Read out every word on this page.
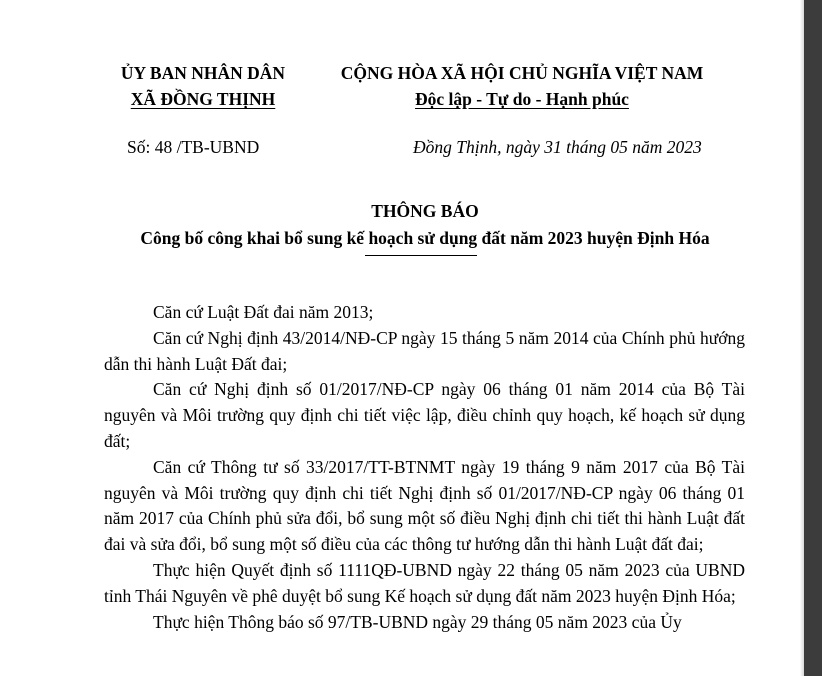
ỦY BAN NHÂN DÂN
XÃ ĐỒNG THỊNH
CỘNG HÒA XÃ HỘI CHỦ NGHĨA VIỆT NAM
Độc lập - Tự do - Hạnh phúc
Số: 48 /TB-UBND	Đồng Thịnh, ngày 31 tháng 05 năm 2023
THÔNG BÁO
Công bố công khai bổ sung kế hoạch sử dụng đất năm 2023 huyện Định Hóa

Căn cứ Luật Đất đai năm 2013;

Căn cứ Nghị định 43/2014/NĐ-CP ngày 15 tháng 5 năm 2014 của Chính phủ hướng dẫn thi hành Luật Đất đai;

Căn cứ Nghị định số 01/2017/NĐ-CP ngày 06 tháng 01 năm 2014 của Bộ Tài nguyên và Môi trường quy định chi tiết việc lập, điều chỉnh quy hoạch, kế hoạch sử dụng đất;

Căn cứ Thông tư số 33/2017/TT-BTNMT ngày 19 tháng 9 năm 2017 của Bộ Tài nguyên và Môi trường quy định chi tiết Nghị định số 01/2017/NĐ-CP ngày 06 tháng 01 năm 2017 của Chính phủ sửa đổi, bổ sung một số điều Nghị định chi tiết thi hành Luật đất đai và sửa đổi, bổ sung một số điều của các thông tư hướng dẫn thi hành Luật đất đai;

Thực hiện Quyết định số 1111QĐ-UBND ngày 22 tháng 05 năm 2023 của UBND tỉnh Thái Nguyên về phê duyệt bổ sung Kế hoạch sử dụng đất năm 2023 huyện Định Hóa;

Thực hiện Thông báo số 97/TB-UBND ngày 29 tháng 05 năm 2023 của Ủy
